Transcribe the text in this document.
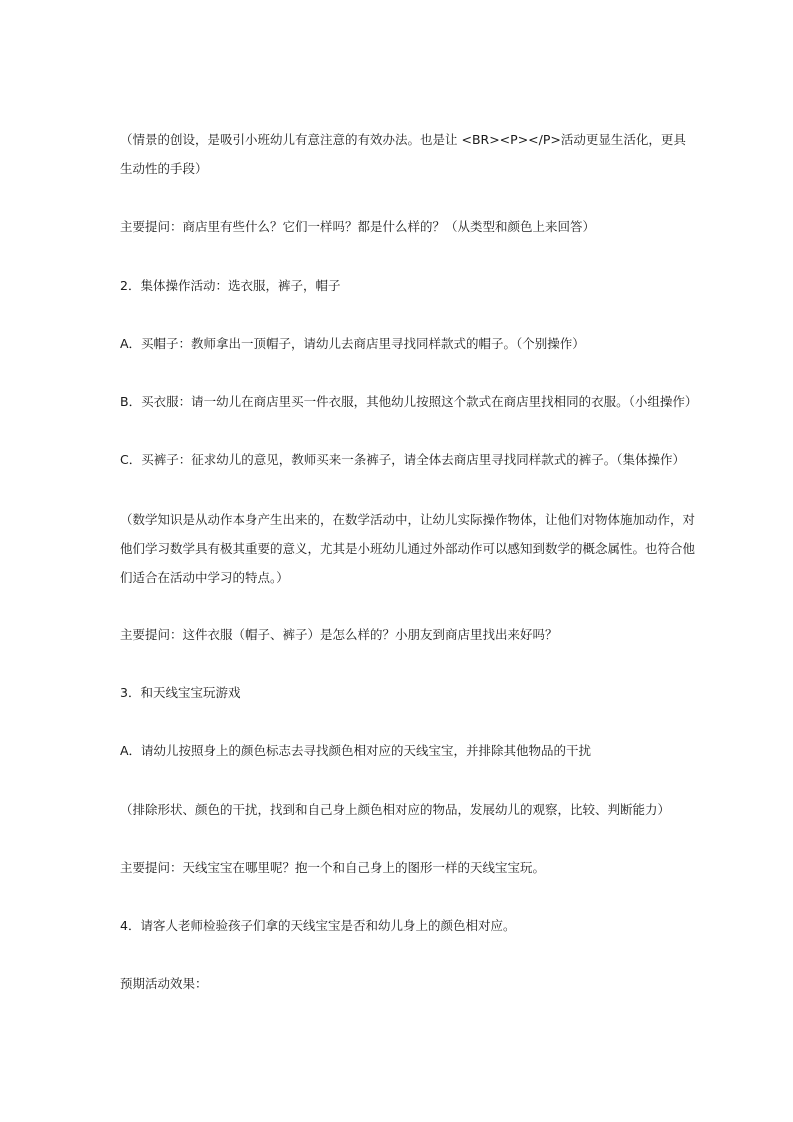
（情景的创设，是吸引小班幼儿有意注意的有效办法。也是让 <BR><P></P>活动更显生活化，更具
生动性的手段）

主要提问：商店里有些什么？它们一样吗？都是什么样的？（从类型和颜色上来回答）

2．集体操作活动：选衣服，裤子，帽子

A．买帽子：教师拿出一顶帽子，请幼儿去商店里寻找同样款式的帽子。（个别操作）

B．买衣服：请一幼儿在商店里买一件衣服，其他幼儿按照这个款式在商店里找相同的衣服。（小组操作）

C．买裤子：征求幼儿的意见，教师买来一条裤子，请全体去商店里寻找同样款式的裤子。（集体操作）

（数学知识是从动作本身产生出来的，在数学活动中，让幼儿实际操作物体，让他们对物体施加动作，对
他们学习数学具有极其重要的意义，尤其是小班幼儿通过外部动作可以感知到数学的概念属性。也符合他
们适合在活动中学习的特点。）

主要提问：这件衣服（帽子、裤子）是怎么样的？小朋友到商店里找出来好吗？

3．和天线宝宝玩游戏

A．请幼儿按照身上的颜色标志去寻找颜色相对应的天线宝宝，并排除其他物品的干扰

（排除形状、颜色的干扰，找到和自己身上颜色相对应的物品，发展幼儿的观察，比较、判断能力）

主要提问：天线宝宝在哪里呢？抱一个和自己身上的图形一样的天线宝宝玩。

4．请客人老师检验孩子们拿的天线宝宝是否和幼儿身上的颜色相对应。

预期活动效果：
